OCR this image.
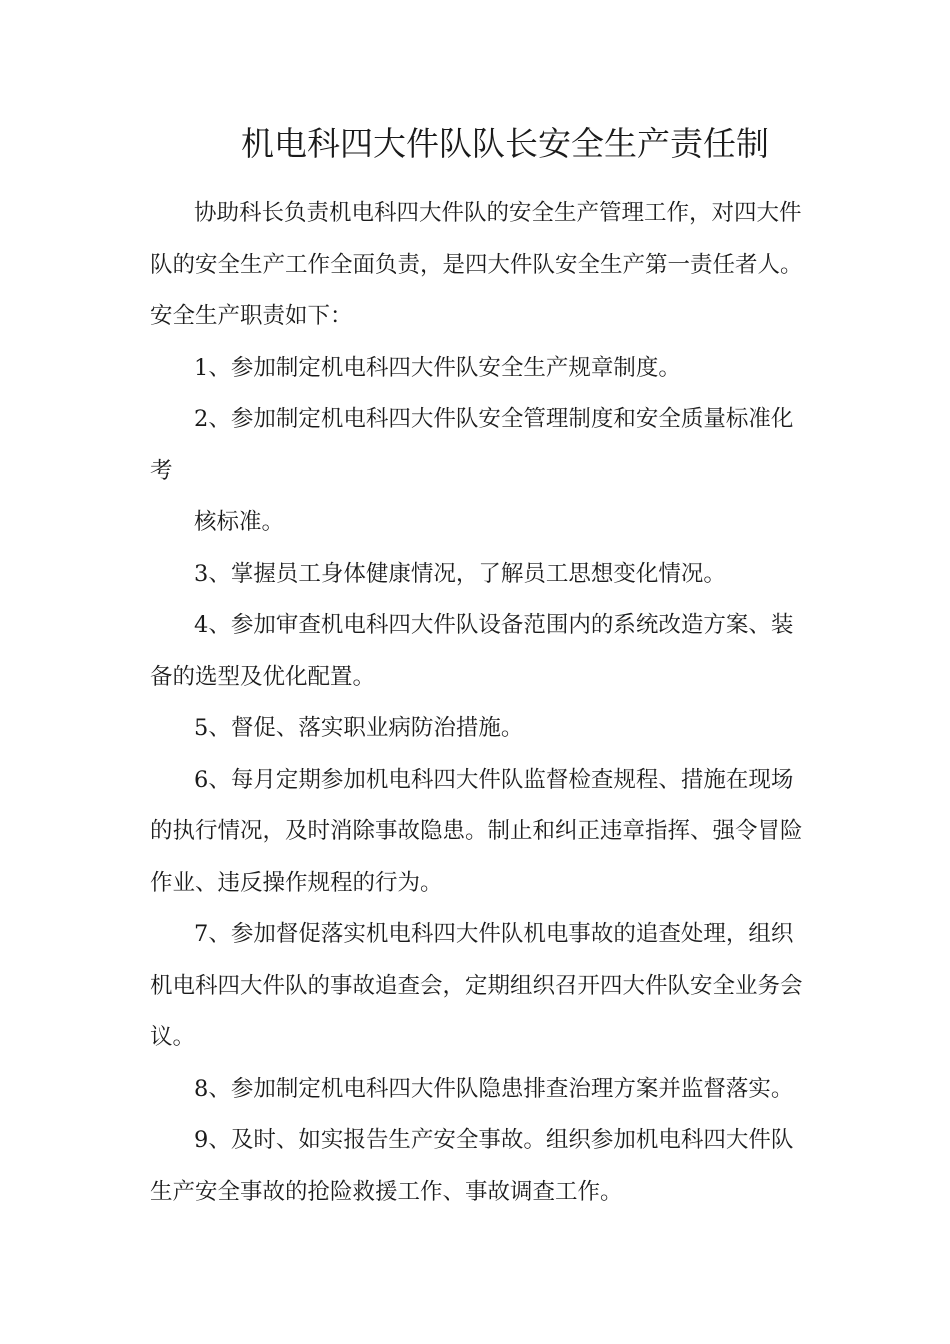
机电科四大件队队长安全生产责任制

协助科长负责机电科四大件队的安全生产管理工作，对四大件

队的安全生产工作全面负责，是四大件队安全生产第一责任者人。

安全生产职责如下：

1、参加制定机电科四大件队安全生产规章制度。

2、参加制定机电科四大件队安全管理制度和安全质量标准化

考

核标准。

3、掌握员工身体健康情况，了解员工思想变化情况。

4、参加审查机电科四大件队设备范围内的系统改造方案、装

备的选型及优化配置。

5、督促、落实职业病防治措施。

6、每月定期参加机电科四大件队监督检查规程、措施在现场

的执行情况，及时消除事故隐患。制止和纠正违章指挥、强令冒险

作业、违反操作规程的行为。

7、参加督促落实机电科四大件队机电事故的追查处理，组织

机电科四大件队的事故追查会，定期组织召开四大件队安全业务会

议。

8、参加制定机电科四大件队隐患排查治理方案并监督落实。

9、及时、如实报告生产安全事故。组织参加机电科四大件队

生产安全事故的抢险救援工作、事故调查工作。
